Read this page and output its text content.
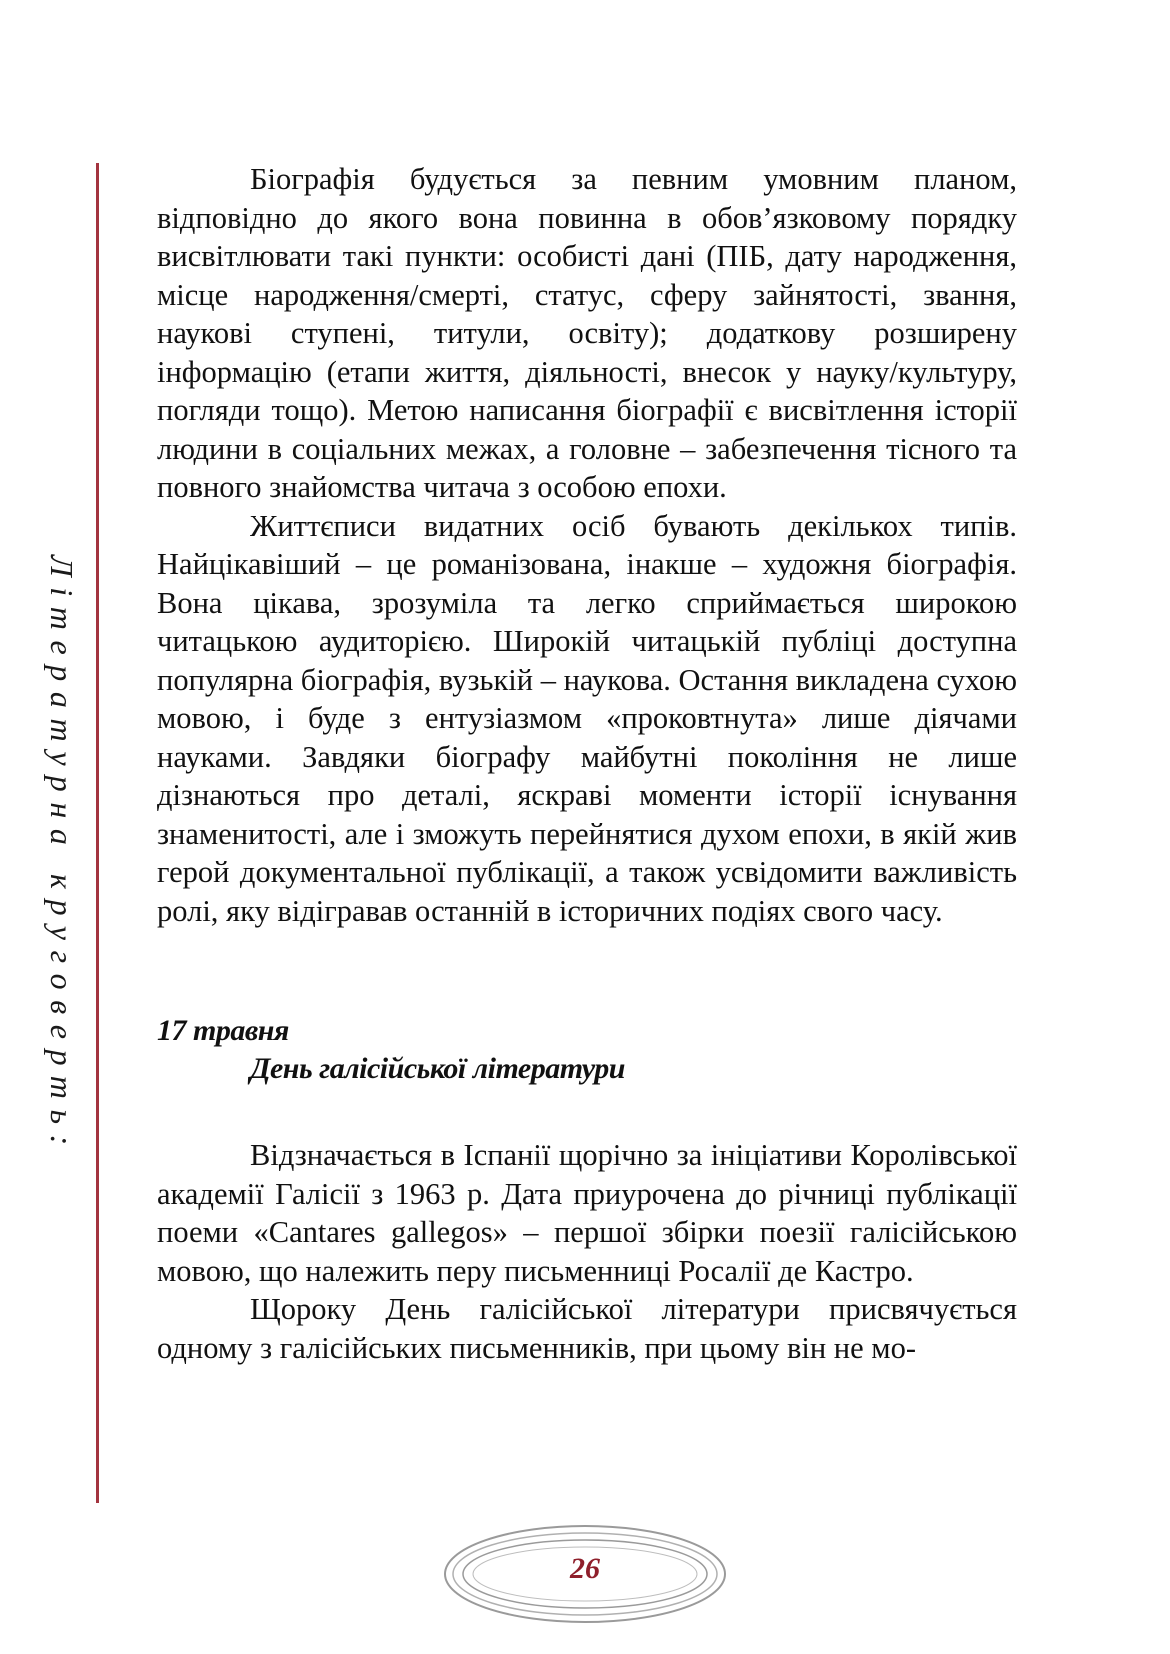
Літературна круговерть:

Біографія будується за певним умовним планом, відповідно до якого вона повинна в обов’язковому порядку висвітлювати такі пункти: особисті дані (ПІБ, дату народження, місце народження/смерті, статус, сферу зайнятості, звання, наукові ступені, титули, освіту); додаткову розширену інформацію (етапи життя, діяльності, внесок у науку/культуру, погляди тощо). Метою написання біографії є висвітлення історії людини в соціальних межах, а головне – забезпечення тісного та повного знайомства читача з особою епохи.

Життєписи видатних осіб бувають декількох типів. Найцікавіший – це романізована, інакше – художня біографія. Вона цікава, зрозуміла та легко сприймається широкою читацькою аудиторією. Широкій читацькій публіці доступна популярна біографія, вузькій – наукова. Остання викладена сухою мовою, і буде з ентузіазмом «проковтнута» лише діячами науками. Завдяки біографу майбутні покоління не лише дізнаються про деталі, яскраві моменти історії існування знаменитості, але і зможуть перейнятися духом епохи, в якій жив герой документальної публікації, а також усвідомити важливість ролі, яку відігравав останній в історичних подіях свого часу.

17 травня

День галісійської літератури

Відзначається в Іспанії щорічно за ініціативи Королівської академії Галісії з 1963 р. Дата приурочена до річниці публікації поеми «Cantares gallegos» – першої збірки поезії галісійською мовою, що належить перу письменниці Росалії де Кастро.

Щороку День галісійської літератури присвячується одному з галісійських письменників, при цьому він не мо-

26
